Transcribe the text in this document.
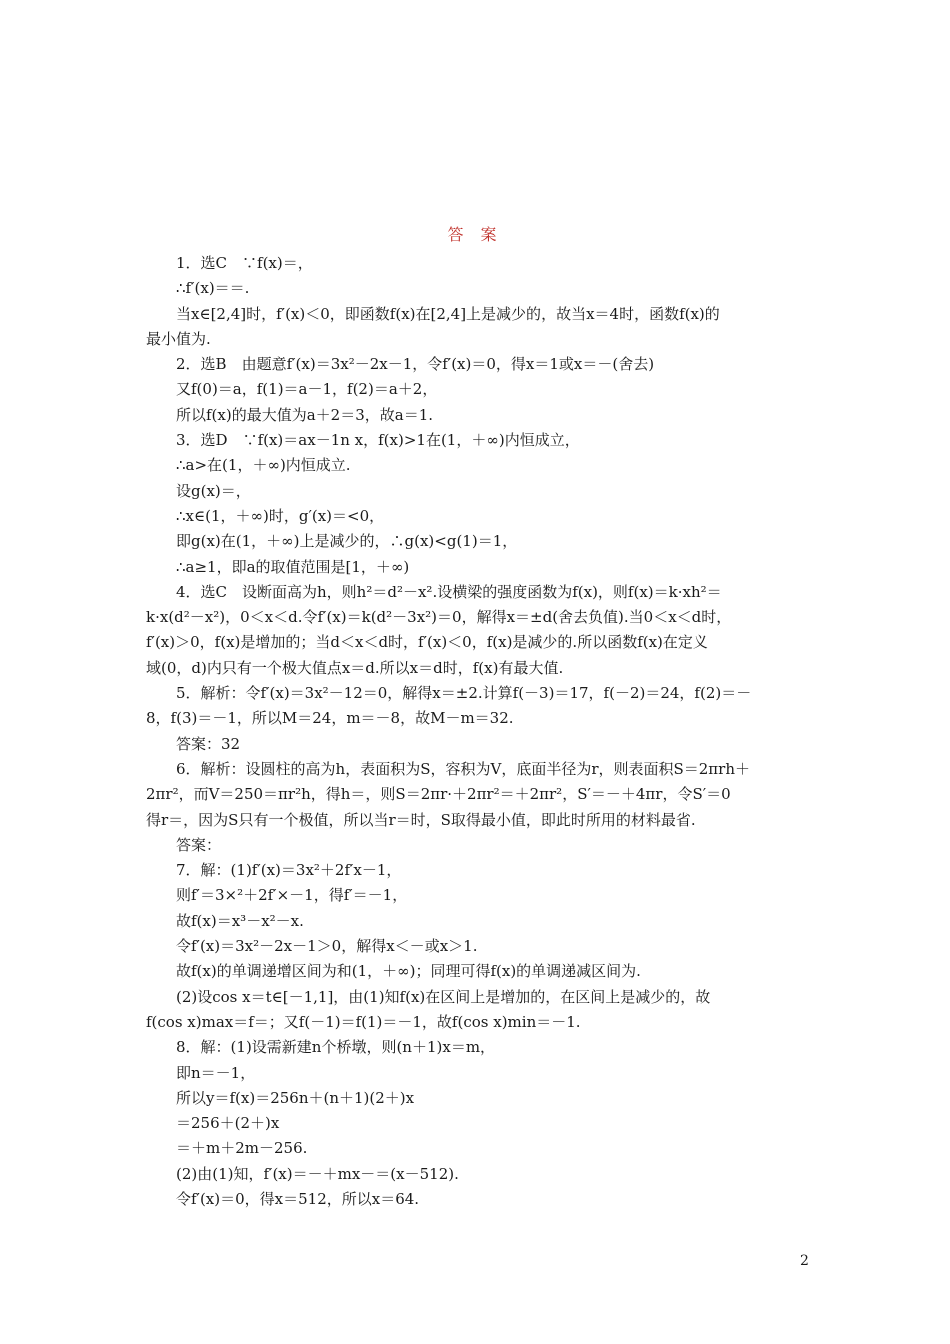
答 案
1．选C　∵f(x)＝，
∴f′(x)＝＝.
当x∈[2,4]时，f′(x)＜0，即函数f(x)在[2,4]上是减少的，故当x＝4时，函数f(x)的
最小值为.
2．选B　由题意f′(x)＝3x²－2x－1，令f′(x)＝0，得x＝1或x＝－(舍去)
又f(0)＝a，f(1)＝a－1，f(2)＝a＋2，
所以f(x)的最大值为a＋2＝3，故a＝1.
3．选D　∵f(x)＝ax－1n x，f(x)>1在(1，＋∞)内恒成立，
∴a>在(1，＋∞)内恒成立.
设g(x)＝，
∴x∈(1，＋∞)时，g′(x)＝<0，
即g(x)在(1，＋∞)上是减少的，∴g(x)<g(1)＝1，
∴a≥1，即a的取值范围是[1，＋∞)
4．选C　设断面高为h，则h²＝d²－x².设横梁的强度函数为f(x)，则f(x)＝k·xh²＝
k·x(d²－x²)，0＜x＜d.令f′(x)＝k(d²－3x²)＝0，解得x＝±d(舍去负值).当0＜x＜d时，
f′(x)＞0，f(x)是增加的；当d＜x＜d时，f′(x)＜0，f(x)是减少的.所以函数f(x)在定义
域(0，d)内只有一个极大值点x＝d.所以x＝d时，f(x)有最大值.
5．解析：令f′(x)＝3x²－12＝0，解得x＝±2.计算f(－3)＝17，f(－2)＝24，f(2)＝－
8，f(3)＝－1，所以M＝24，m＝－8，故M－m＝32.
答案：32
6．解析：设圆柱的高为h，表面积为S，容积为V，底面半径为r，则表面积S＝2πrh＋
2πr²，而V＝250＝πr²h，得h＝，则S＝2πr·＋2πr²＝＋2πr²，S′＝－＋4πr，令S′＝0
得r＝，因为S只有一个极值，所以当r＝时，S取得最小值，即此时所用的材料最省.
答案：
7．解：(1)f′(x)＝3x²＋2f′x－1，
则f′＝3×²＋2f′×－1，得f′＝－1，
故f(x)＝x³－x²－x.
令f′(x)＝3x²－2x－1＞0，解得x＜－或x＞1.
故f(x)的单调递增区间为和(1，＋∞)；同理可得f(x)的单调递减区间为.
(2)设cos x＝t∈[－1,1]，由(1)知f(x)在区间上是增加的，在区间上是减少的，故
f(cos x)max＝f＝；又f(－1)＝f(1)＝－1，故f(cos x)min＝－1.
8．解：(1)设需新建n个桥墩，则(n＋1)x＝m，
即n＝－1，
所以y＝f(x)＝256n＋(n＋1)(2＋)x
＝256＋(2＋)x
＝＋m＋2m－256.
(2)由(1)知，f′(x)＝－＋mx－＝(x－512).
令f′(x)＝0，得x＝512，所以x＝64.
2
